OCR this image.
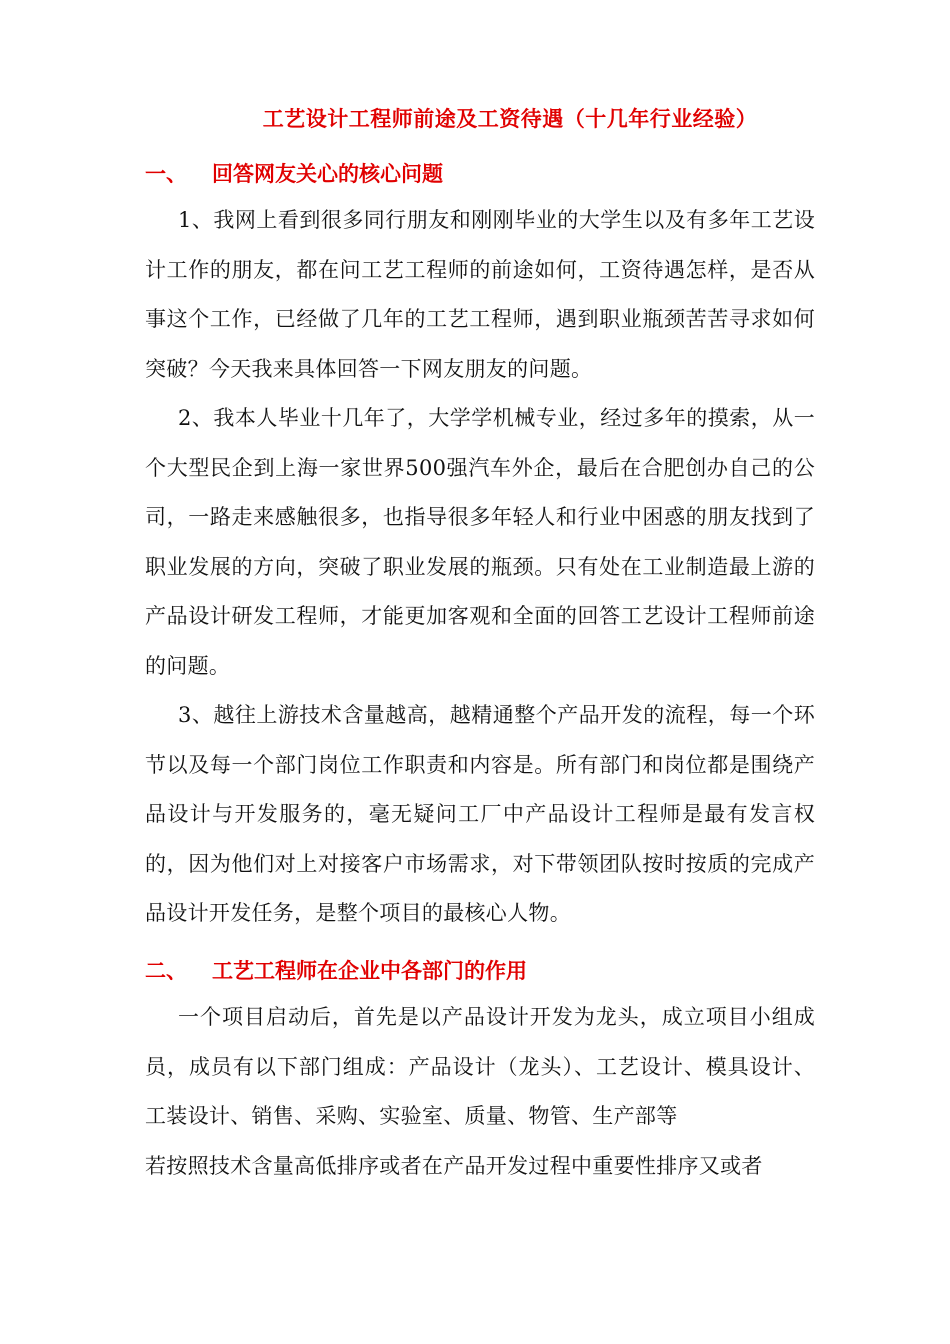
工艺设计工程师前途及工资待遇（十几年行业经验）
一、 回答网友关心的核心问题
1、我网上看到很多同行朋友和刚刚毕业的大学生以及有多年工艺设计工作的朋友，都在问工艺工程师的前途如何，工资待遇怎样，是否从事这个工作，已经做了几年的工艺工程师，遇到职业瓶颈苦苦寻求如何突破？今天我来具体回答一下网友朋友的问题。
2、我本人毕业十几年了，大学学机械专业，经过多年的摸索，从一个大型民企到上海一家世界500强汽车外企，最后在合肥创办自己的公司，一路走来感触很多，也指导很多年轻人和行业中困惑的朋友找到了职业发展的方向，突破了职业发展的瓶颈。只有处在工业制造最上游的产品设计研发工程师，才能更加客观和全面的回答工艺设计工程师前途的问题。
3、越往上游技术含量越高，越精通整个产品开发的流程，每一个环节以及每一个部门岗位工作职责和内容是。所有部门和岗位都是围绕产品设计与开发服务的，毫无疑问工厂中产品设计工程师是最有发言权的，因为他们对上对接客户市场需求，对下带领团队按时按质的完成产品设计开发任务，是整个项目的最核心人物。
二、 工艺工程师在企业中各部门的作用
一个项目启动后，首先是以产品设计开发为龙头，成立项目小组成员，成员有以下部门组成：产品设计（龙头）、工艺设计、模具设计、工装设计、销售、采购、实验室、质量、物管、生产部等
若按照技术含量高低排序或者在产品开发过程中重要性排序又或者
